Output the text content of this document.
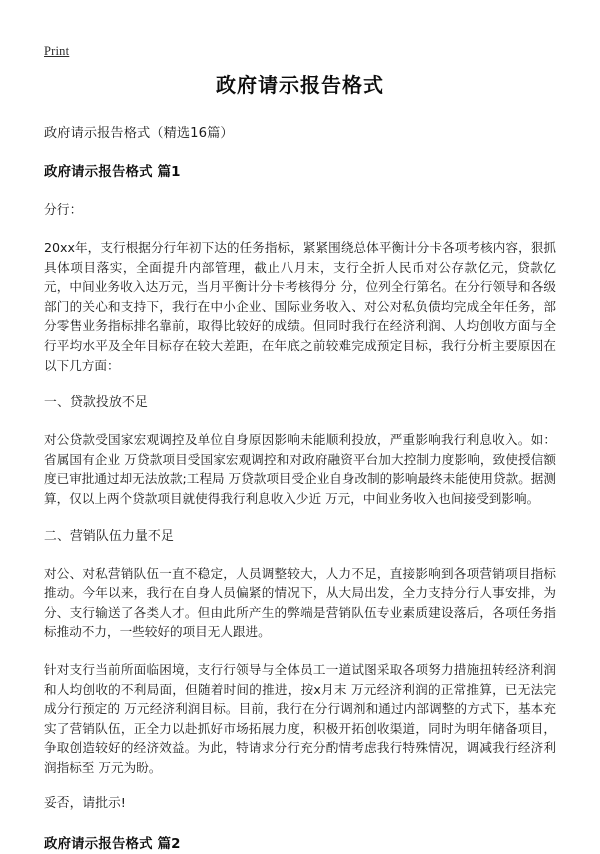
Print
政府请示报告格式

政府请示报告格式（精选16篇）

政府请示报告格式 篇1

分行：

20xx年，支行根据分行年初下达的任务指标，紧紧围绕总体平衡计分卡各项考核内容，狠抓具体项目落实，全面提升内部管理，截止八月末，支行全折人民币对公存款亿元，贷款亿元，中间业务收入达万元，当月平衡计分卡考核得分 分，位列全行第名。在分行领导和各级部门的关心和支持下，我行在中小企业、国际业务收入、对公对私负债均完成全年任务，部分零售业务指标排名靠前，取得比较好的成绩。但同时我行在经济利润、人均创收方面与全行平均水平及全年目标存在较大差距，在年底之前较难完成预定目标，我行分析主要原因在以下几方面：

一、贷款投放不足

对公贷款受国家宏观调控及单位自身原因影响未能顺利投放，严重影响我行利息收入。如：省属国有企业 万贷款项目受国家宏观调控和对政府融资平台加大控制力度影响，致使授信额度已审批通过却无法放款;工程局 万贷款项目受企业自身改制的影响最终未能使用贷款。据测算，仅以上两个贷款项目就使得我行利息收入少近 万元，中间业务收入也间接受到影响。

二、营销队伍力量不足

对公、对私营销队伍一直不稳定，人员调整较大，人力不足，直接影响到各项营销项目指标推动。今年以来，我行在自身人员偏紧的情况下，从大局出发，全力支持分行人事安排，为分、支行输送了各类人才。但由此所产生的弊端是营销队伍专业素质建设落后，各项任务指标推动不力，一些较好的项目无人跟进。

针对支行当前所面临困境，支行行领导与全体员工一道试图采取各项努力措施扭转经济利润和人均创收的不利局面，但随着时间的推进，按x月末 万元经济利润的正常推算，已无法完成分行预定的 万元经济利润目标。目前，我行在分行调剂和通过内部调整的方式下，基本充实了营销队伍，正全力以赴抓好市场拓展力度，积极开拓创收渠道，同时为明年储备项目，争取创造较好的经济效益。为此，特请求分行充分酌情考虑我行特殊情况，调减我行经济利润指标至 万元为盼。

妥否，请批示!

政府请示报告格式 篇2
